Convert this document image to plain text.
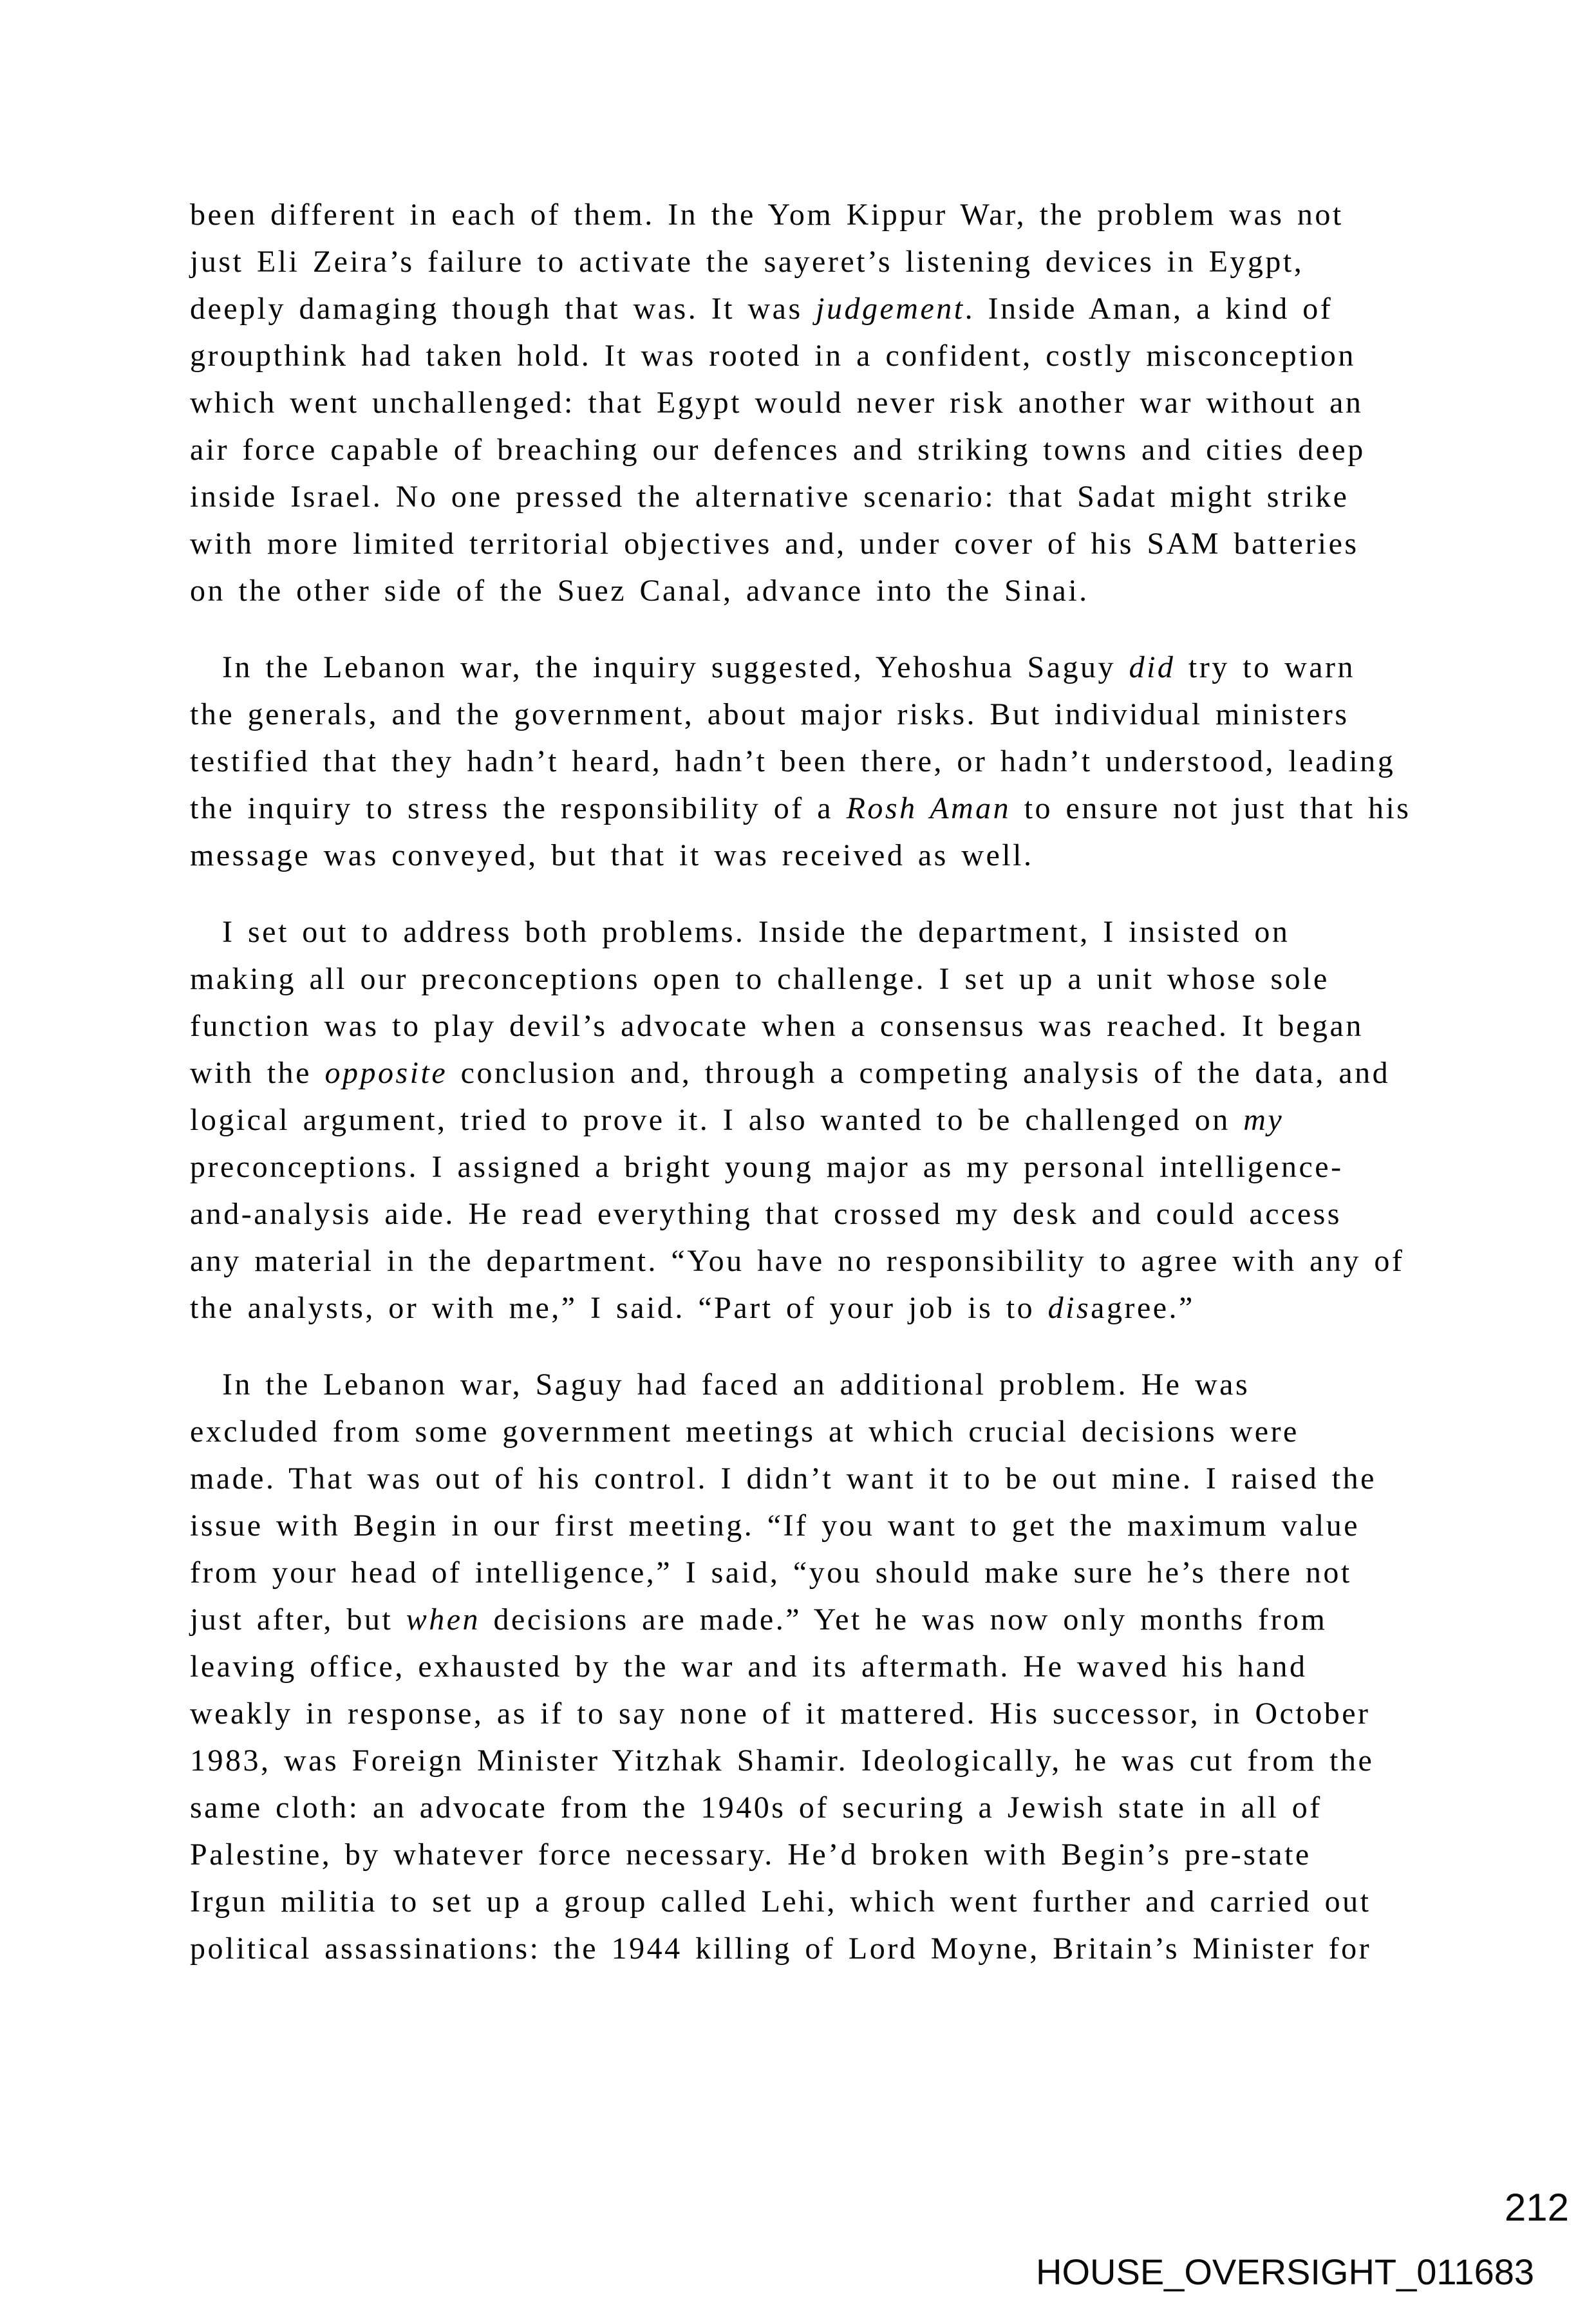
been different in each of them. In the Yom Kippur War, the problem was not
just Eli Zeira’s failure to activate the sayeret’s listening devices in Eygpt,
deeply damaging though that was. It was judgement. Inside Aman, a kind of
groupthink had taken hold. It was rooted in a confident, costly misconception
which went unchallenged: that Egypt would never risk another war without an
air force capable of breaching our defences and striking towns and cities deep
inside Israel. No one pressed the alternative scenario: that Sadat might strike
with more limited territorial objectives and, under cover of his SAM batteries
on the other side of the Suez Canal, advance into the Sinai.

In the Lebanon war, the inquiry suggested, Yehoshua Saguy did try to warn
the generals, and the government, about major risks. But individual ministers
testified that they hadn’t heard, hadn’t been there, or hadn’t understood, leading
the inquiry to stress the responsibility of a Rosh Aman to ensure not just that his
message was conveyed, but that it was received as well.

I set out to address both problems. Inside the department, I insisted on
making all our preconceptions open to challenge. I set up a unit whose sole
function was to play devil’s advocate when a consensus was reached. It began
with the opposite conclusion and, through a competing analysis of the data, and
logical argument, tried to prove it. I also wanted to be challenged on my
preconceptions. I assigned a bright young major as my personal intelligence-
and-analysis aide. He read everything that crossed my desk and could access
any material in the department. “You have no responsibility to agree with any of
the analysts, or with me,” I said. “Part of your job is to disagree.”

In the Lebanon war, Saguy had faced an additional problem. He was
excluded from some government meetings at which crucial decisions were
made. That was out of his control. I didn’t want it to be out mine. I raised the
issue with Begin in our first meeting. “If you want to get the maximum value
from your head of intelligence,” I said, “you should make sure he’s there not
just after, but when decisions are made.” Yet he was now only months from
leaving office, exhausted by the war and its aftermath. He waved his hand
weakly in response, as if to say none of it mattered. His successor, in October
1983, was Foreign Minister Yitzhak Shamir. Ideologically, he was cut from the
same cloth: an advocate from the 1940s of securing a Jewish state in all of
Palestine, by whatever force necessary. He’d broken with Begin’s pre-state
Irgun militia to set up a group called Lehi, which went further and carried out
political assassinations: the 1944 killing of Lord Moyne, Britain’s Minister for

212
HOUSE_OVERSIGHT_011683
